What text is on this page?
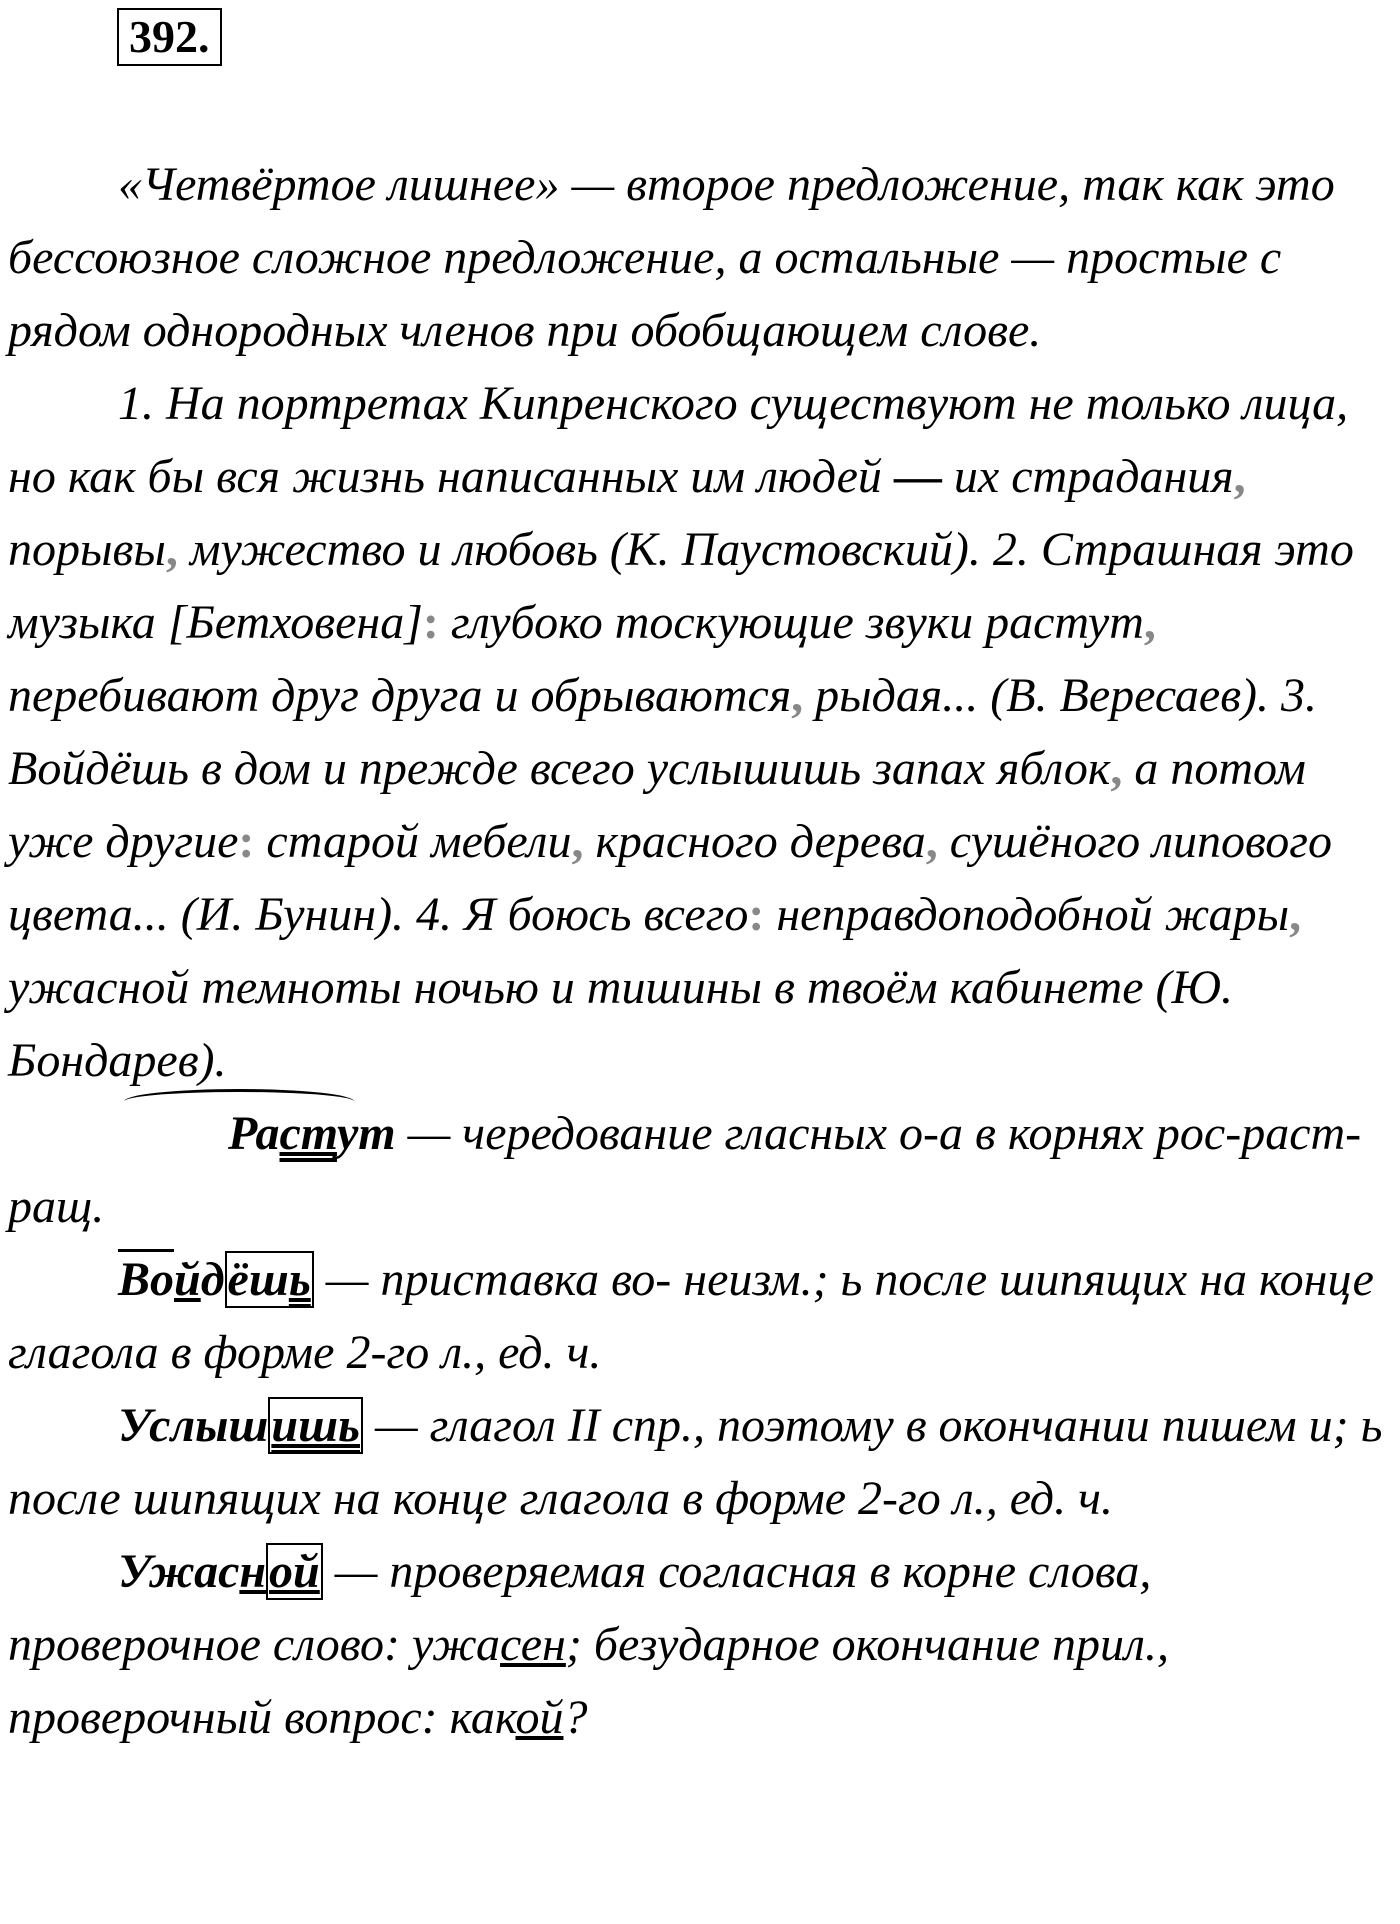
392.

«Четвёртое лишнее» — второе предложение, так как это бессоюзное сложное предложение, а остальные — простые с рядом однородных членов при обобщающем слове.

1. На портретах Кипренского существуют не только лица, но как бы вся жизнь написанных им людей — их страдания, порывы, мужество и любовь (К. Паустовский). 2. Страшная это музыка [Бетховена]: глубоко тоскующие звуки растут, перебивают друг друга и обрываются, рыдая... (В. Вересаев). 3. Войдёшь в дом и прежде всего услышишь запах яблок, а потом уже другие: старой мебели, красного дерева, сушёного липового цвета... (И. Бунин). 4. Я боюсь всего: неправдоподобной жары, ужасной темноты ночью и тишины в твоём кабинете (Ю. Бондарев).

Растут — чередование гласных о-а в корнях рос-раст-ращ.

Войдёшь — приставка во- неизм.; ь после шипящих на конце глагола в форме 2-го л., ед. ч.

Услышишь — глагол II спр., поэтому в окончании пишем и; ь после шипящих на конце глагола в форме 2-го л., ед. ч.

Ужасной — проверяемая согласная в корне слова, проверочное слово: ужасен; безударное окончание прил., проверочный вопрос: какой?
